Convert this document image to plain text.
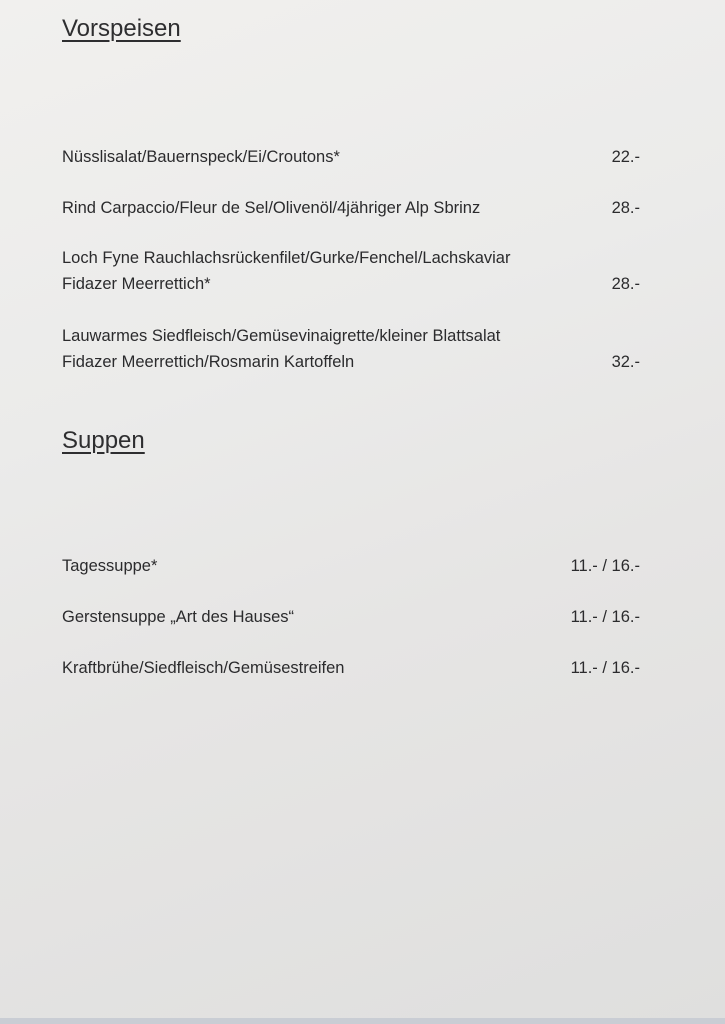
Vorspeisen
Nüsslisalat/Bauernspeck/Ei/Croutons*	22.-
Rind Carpaccio/Fleur de Sel/Olivenöl/4jähriger Alp Sbrinz	28.-
Loch Fyne Rauchlachsrückenfilet/Gurke/Fenchel/Lachskaviar
Fidazer Meerrettich*	28.-
Lauwarmes Siedfleisch/Gemüsevinaigrette/kleiner Blattsalat
Fidazer Meerrettich/Rosmarin Kartoffeln	32.-
Suppen
Tagessuppe*	11.- / 16.-
Gerstensuppe „Art des Hauses“	11.- / 16.-
Kraftbrühe/Siedfleisch/Gemüsestreifen	11.- / 16.-
